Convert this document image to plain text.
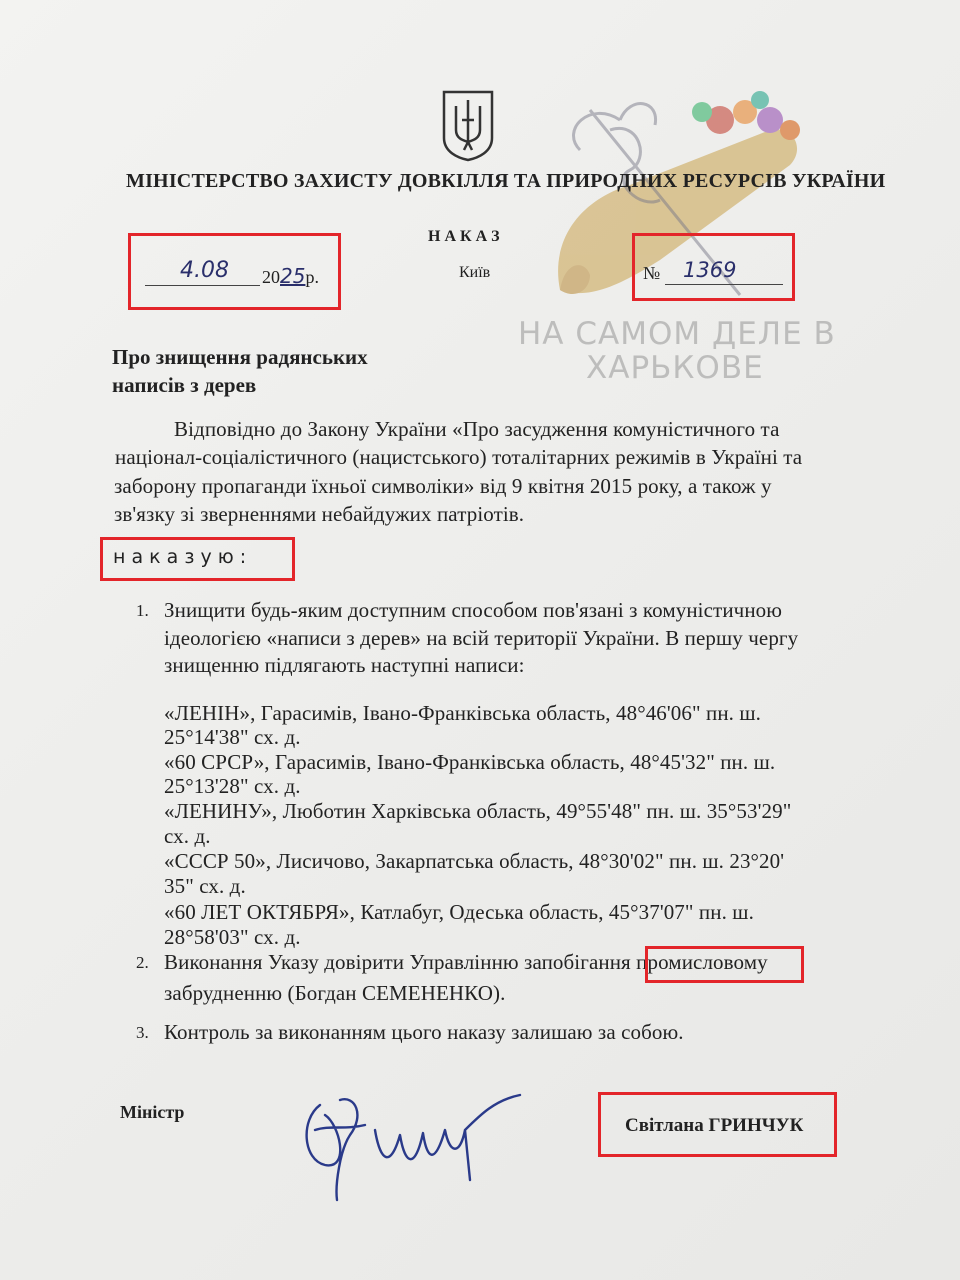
НА САМОМ ДЕЛЕ В
ХАРЬКОВЕ
МІНІСТЕРСТВО ЗАХИСТУ ДОВКІЛЛЯ ТА ПРИРОДНИХ РЕСУРСІВ УКРАЇНИ
Н А К А З
Київ
4.08 2025р.	№ 1369
Про знищення радянських
написів з дерев
Відповідно до Закону України «Про засудження комуністичного та
націонал-соціалістичного (нацистського) тоталітарних режимів в Україні та
заборону пропаганди їхньої символіки» від 9 квітня 2015 року, а також у
зв'язку зі зверненнями небайдужих патріотів.
н а к а з у ю :
1. Знищити будь-яким доступним способом пов'язані з комуністичною
ідеологією «написи з дерев» на всій території України. В першу чергу
знищенню підлягають наступні написи:
«ЛЕНІН», Гарасимів, Івано-Франківська область, 48°46'06" пн. ш.
25°14'38" сх. д.
«60 СРСР», Гарасимів, Івано-Франківська область, 48°45'32" пн. ш.
25°13'28" сх. д.
«ЛЕНИНУ», Люботин Харківська область, 49°55'48" пн. ш. 35°53'29"
сх. д.
«СССР 50», Лисичово, Закарпатська область, 48°30'02" пн. ш. 23°20'
35" сх. д.
«60 ЛЕТ ОКТЯБРЯ», Катлабуг, Одеська область, 45°37'07" пн. ш.
28°58'03" сх. д.
2. Виконання Указу довірити Управлінню запобігання промисловому
забрудненню (Богдан СЕМЕНЕНКО).
3. Контроль за виконанням цього наказу залишаю за собою.
Міністр
Світлана ГРИНЧУК
